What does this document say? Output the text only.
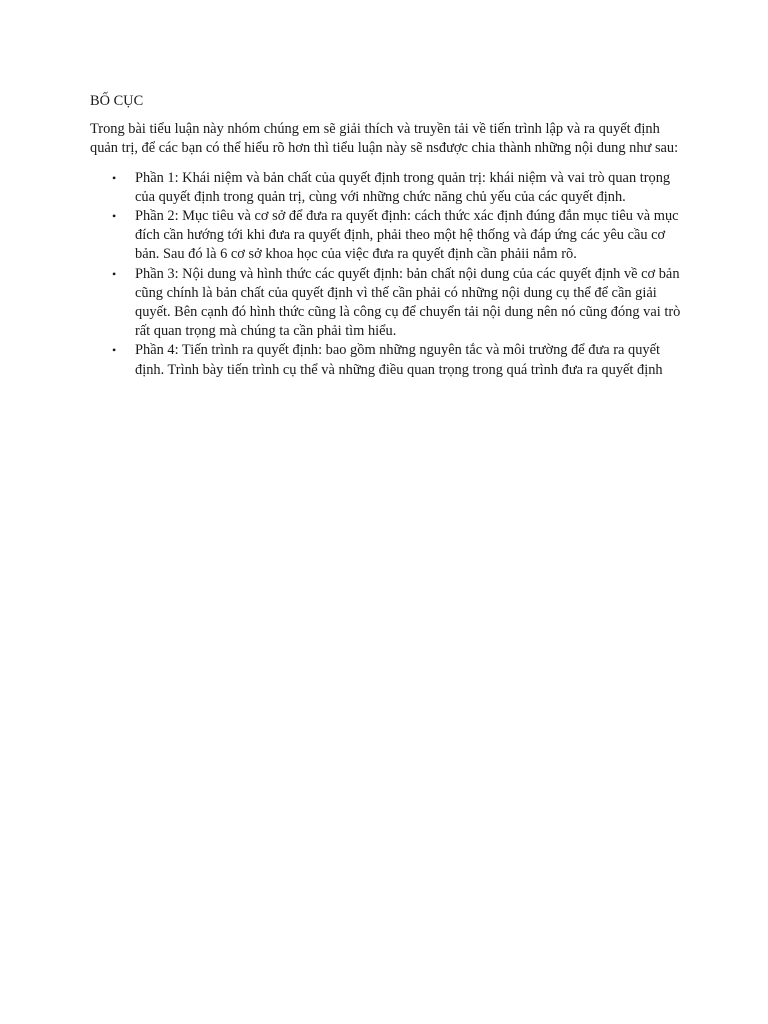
BỐ CỤC

Trong bài tiểu luận này nhóm chúng em sẽ giải thích và truyền tải về tiến trình lập và ra quyết định quản trị, để các bạn có thể hiểu rõ hơn thì tiểu luận này sẽ nsđược chia thành những nội dung như sau:

• Phần 1: Khái niệm và bản chất của quyết định trong quản trị: khái niệm và vai trò quan trọng của quyết định trong quản trị, cùng với những chức năng chủ yếu của các quyết định.
• Phần 2: Mục tiêu và cơ sở để đưa ra quyết định: cách thức xác định đúng đắn mục tiêu và mục đích cần hướng tới khi đưa ra quyết định, phải theo một hệ thống và đáp ứng các yêu cầu cơ bản. Sau đó là 6 cơ sở khoa học của việc đưa ra quyết định cần phảii nắm rõ.
• Phần 3: Nội dung và hình thức các quyết định: bản chất nội dung của các quyết định về cơ bản cũng chính là bản chất của quyết định vì thế cần phải có những nội dung cụ thể để cần giải quyết. Bên cạnh đó hình thức cũng là công cụ để chuyển tải nội dung nên nó cũng đóng vai trò rất quan trọng mà chúng ta cần phải tìm hiểu.
• Phần 4: Tiến trình ra quyết định: bao gồm những nguyên tắc và môi trường để đưa ra quyết định. Trình bày tiến trình cụ thể và những điều quan trọng trong quá trình đưa ra quyết định
